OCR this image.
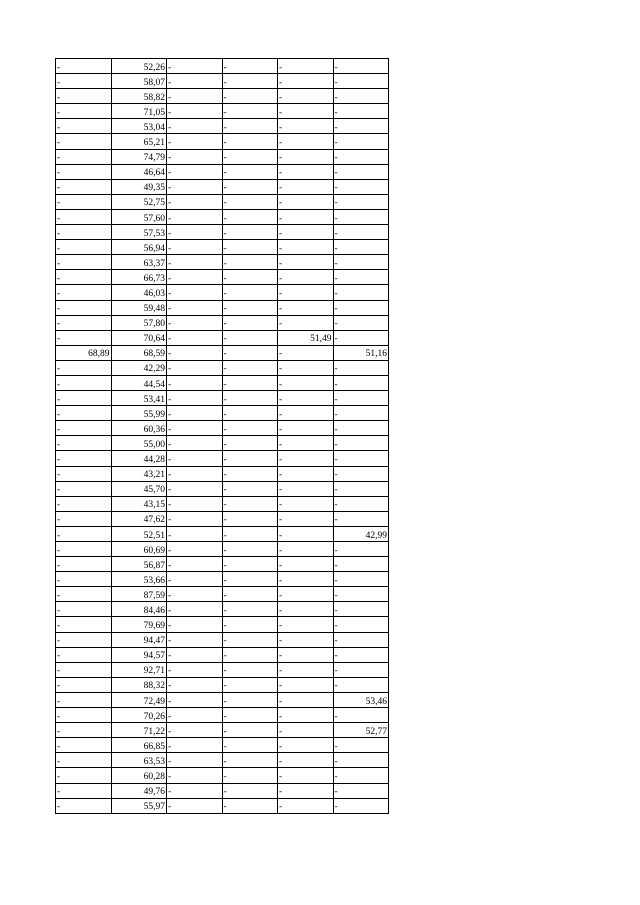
-	52,26	-	-	-	-
-	58,07	-	-	-	-
-	58,82	-	-	-	-
-	71,05	-	-	-	-
-	53,04	-	-	-	-
-	65,21	-	-	-	-
-	74,79	-	-	-	-
-	46,64	-	-	-	-
-	49,35	-	-	-	-
-	52,75	-	-	-	-
-	57,60	-	-	-	-
-	57,53	-	-	-	-
-	56,94	-	-	-	-
-	63,37	-	-	-	-
-	66,73	-	-	-	-
-	46,03	-	-	-	-
-	59,48	-	-	-	-
-	57,80	-	-	-	-
-	70,64	-	-	51,49	-
68,89	68,59	-	-	-	51,16
-	42,29	-	-	-	-
-	44,54	-	-	-	-
-	53,41	-	-	-	-
-	55,99	-	-	-	-
-	60,36	-	-	-	-
-	55,00	-	-	-	-
-	44,28	-	-	-	-
-	43,21	-	-	-	-
-	45,70	-	-	-	-
-	43,15	-	-	-	-
-	47,62	-	-	-	-
-	52,51	-	-	-	42,99
-	60,69	-	-	-	-
-	56,87	-	-	-	-
-	53,66	-	-	-	-
-	87,59	-	-	-	-
-	84,46	-	-	-	-
-	79,69	-	-	-	-
-	94,47	-	-	-	-
-	94,57	-	-	-	-
-	92,71	-	-	-	-
-	88,32	-	-	-	-
-	72,49	-	-	-	53,46
-	70,26	-	-	-	-
-	71,22	-	-	-	52,77
-	66,85	-	-	-	-
-	63,53	-	-	-	-
-	60,28	-	-	-	-
-	49,76	-	-	-	-
-	55,97	-	-	-	-
